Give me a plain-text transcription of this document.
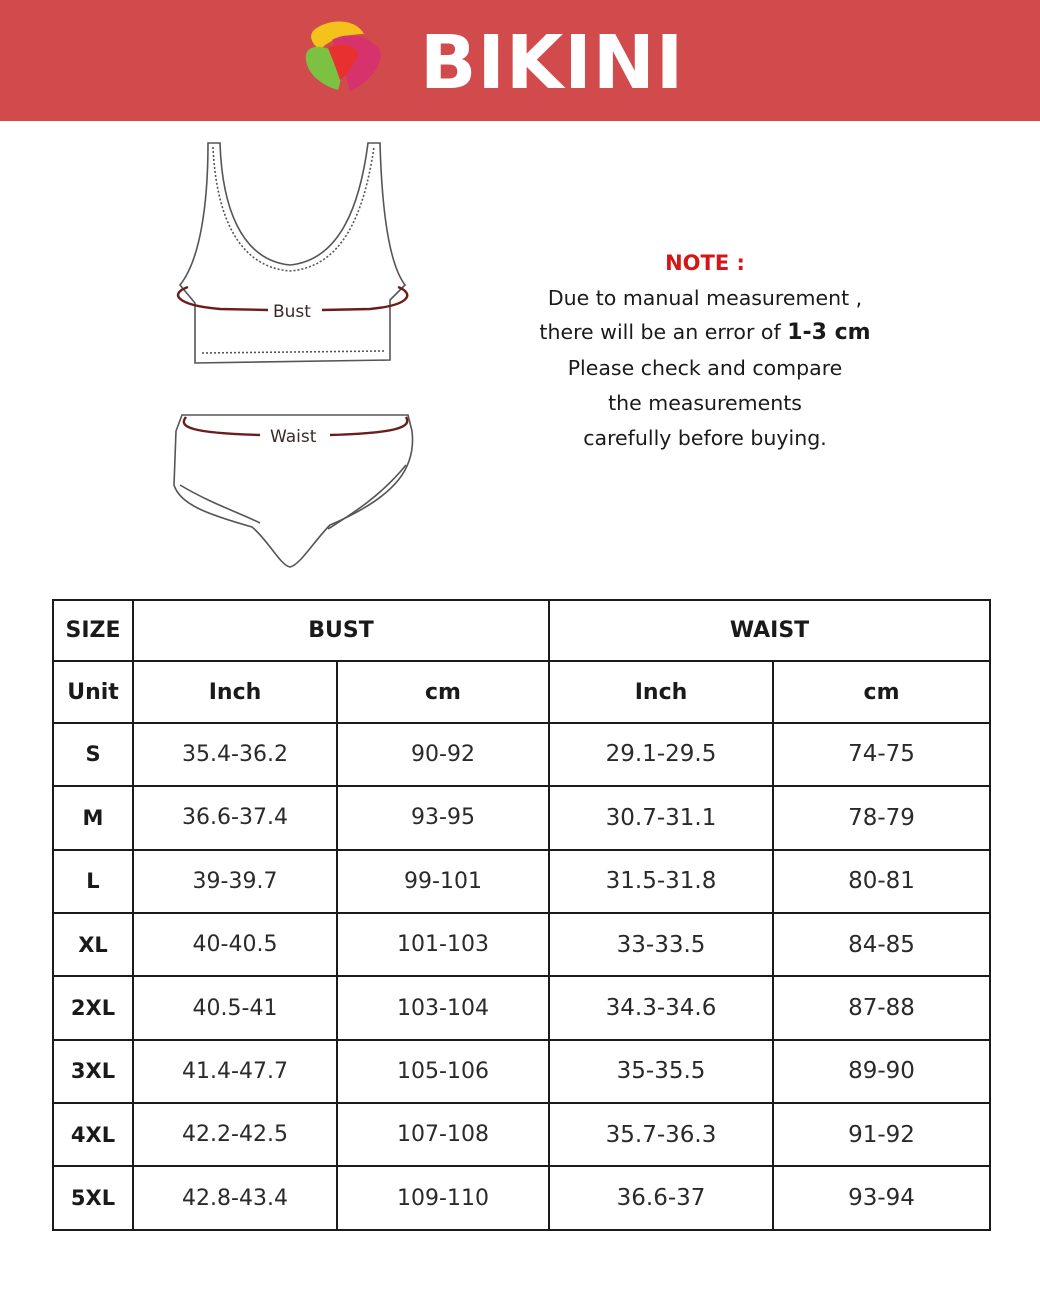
BIKINI
Bust
Waist
NOTE :
Due to manual measurement ,
there will be an error of 1-3 cm
Please check and compare
the measurements
carefully before buying.
SIZE	BUST		WAIST	
Unit	Inch	cm	Inch	cm
S	35.4-36.2	90-92	29.1-29.5	74-75
M	36.6-37.4	93-95	30.7-31.1	78-79
L	39-39.7	99-101	31.5-31.8	80-81
XL	40-40.5	101-103	33-33.5	84-85
2XL	40.5-41	103-104	34.3-34.6	87-88
3XL	41.4-47.7	105-106	35-35.5	89-90
4XL	42.2-42.5	107-108	35.7-36.3	91-92
5XL	42.8-43.4	109-110	36.6-37	93-94
